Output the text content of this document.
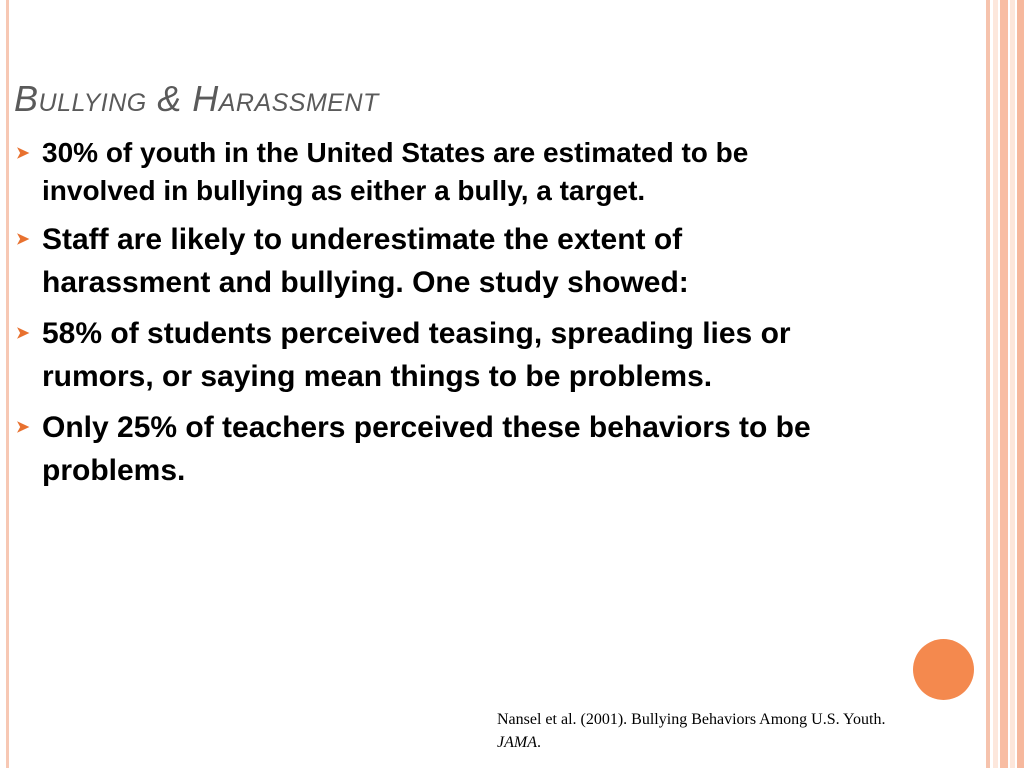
Bullying & Harassment
➤ 30% of youth in the United States are estimated to be involved in bullying as either a bully, a target.
➤ Staff are likely to underestimate the extent of harassment and bullying. One study showed:
➤ 58% of students perceived teasing, spreading lies or rumors, or saying mean things to be problems.
➤ Only 25% of teachers perceived these behaviors to be problems.
Nansel et al. (2001). Bullying Behaviors Among U.S. Youth.
JAMA.
